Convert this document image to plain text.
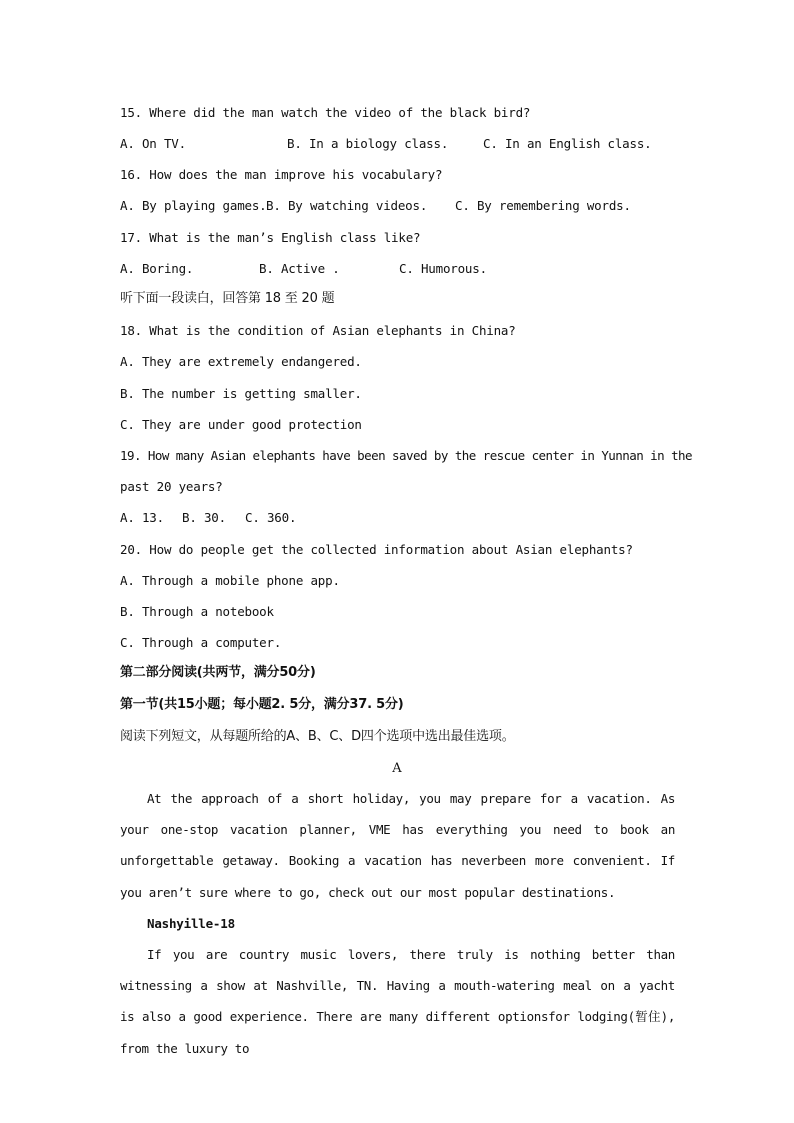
15. Where did the man watch the video of the black bird?
A. On TV.	B. In a biology class.	C. In an English class.
16. How does the man improve his vocabulary?
A. By playing games. B. By watching videos. C. By remembering words.
17. What is the man’s English class like?
A. Boring.	B. Active .	C. Humorous.
听下面一段读白，回答第 18 至 20 题
18. What is the condition of Asian elephants in China?
A. They are extremely endangered.
B. The number is getting smaller.
C. They are under good protection
19. How many Asian elephants have been saved by the rescue center in Yunnan in the
past 20 years?
A. 13. B. 30. C. 360.
20. How do people get the collected information about Asian elephants?
A. Through a mobile phone app.
B. Through a notebook
C. Through a computer.
第二部分阅读(共两节，满分50分)
第一节(共15小题；每小题2. 5分，满分37. 5分)
阅读下列短文，从每题所给的A、B、C、D四个选项中选出最佳选项。
A
At the approach of a short holiday, you may prepare for a vacation. As your one-stop vacation planner, VME has everything you need to book an unforgettable getaway. Booking a vacation has neverbeen more convenient. If you aren’t sure where to go, check out our most popular destinations.
Nashyille-18
If you are country music lovers, there truly is nothing better than witnessing a show at Nashville, TN. Having a mouth-watering meal on a yacht is also a good experience. There are many different optionsfor lodging(暂住), from the luxury to
